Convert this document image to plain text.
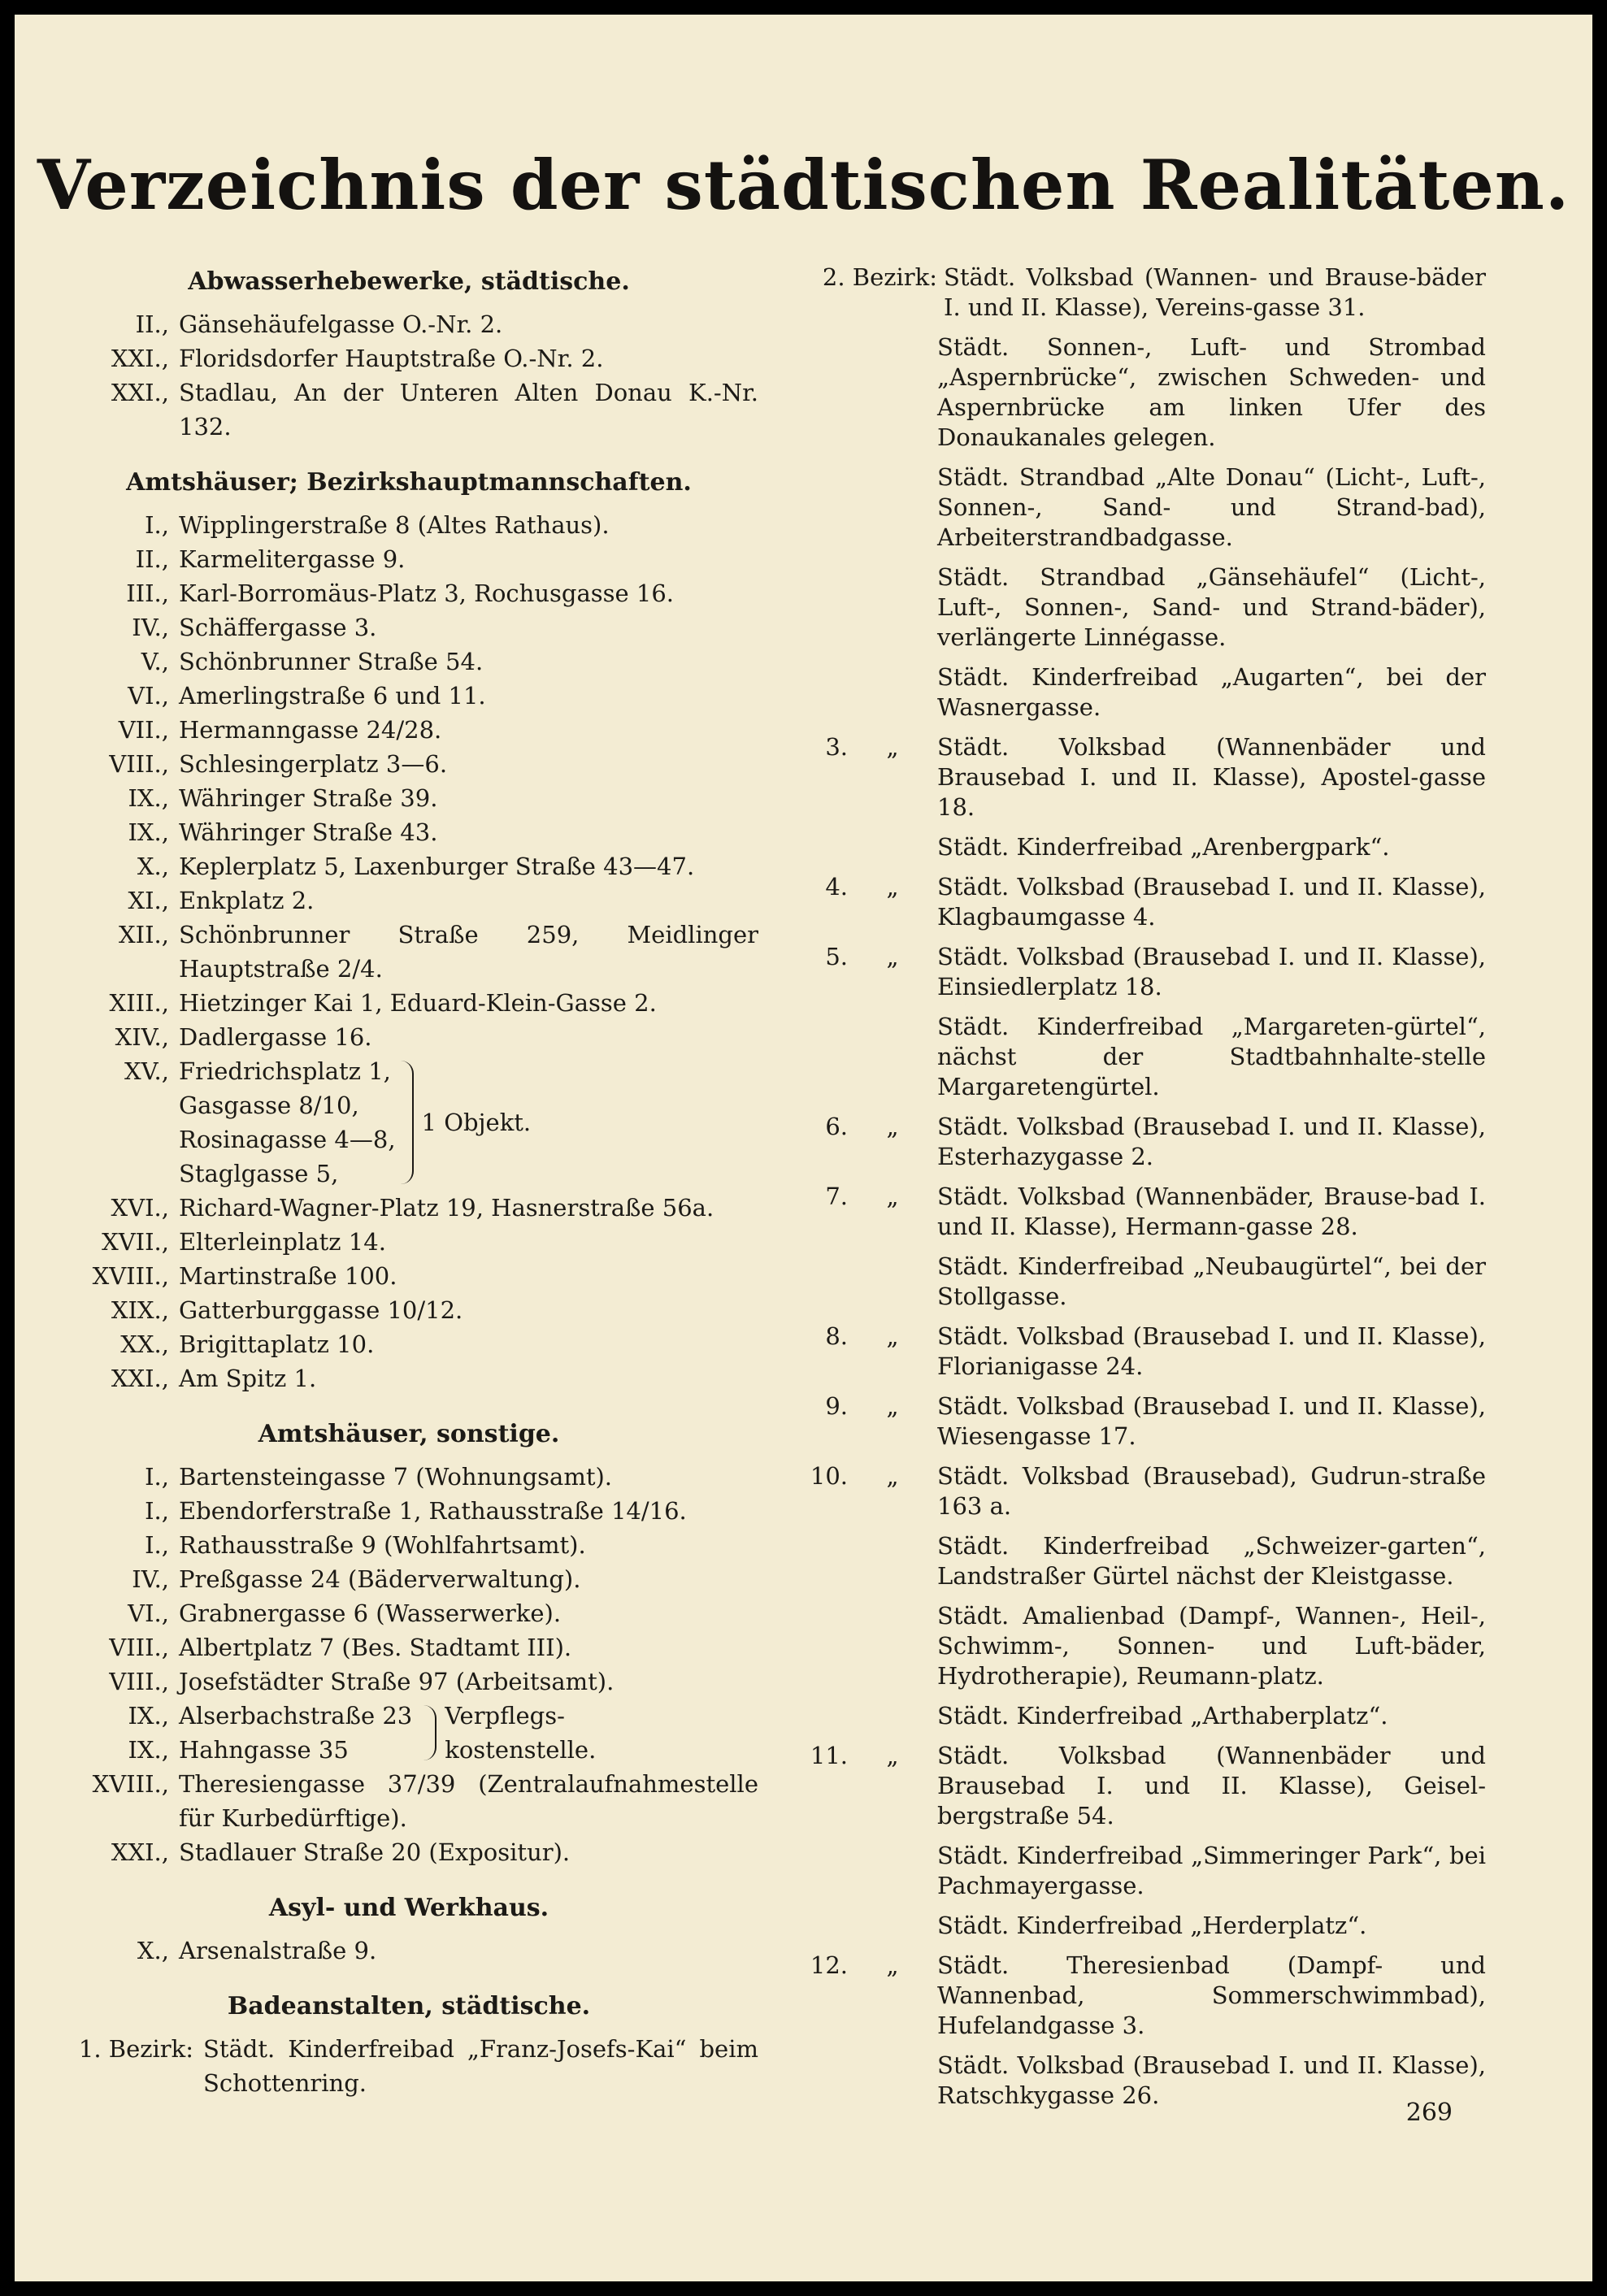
Verzeichnis der städtischen Realitäten.
Abwasserhebewerke, städtische.
II., Gänsehäufelgasse O.-Nr. 2.
XXI., Floridsdorfer Hauptstraße O.-Nr. 2.
XXI., Stadlau, An der Unteren Alten Donau K.-Nr. 132.
Amtshäuser; Bezirkshauptmannschaften.
I., Wipplingerstraße 8 (Altes Rathaus).
II., Karmelitergasse 9.
III., Karl-Borromäus-Platz 3, Rochusgasse 16.
IV., Schäffergasse 3.
V., Schönbrunner Straße 54.
VI., Amerlingstraße 6 und 11.
VII., Hermanngasse 24/28.
VIII., Schlesingerplatz 3—6.
IX., Währinger Straße 39.
IX., Währinger Straße 43.
X., Keplerplatz 5, Laxenburger Straße 43—47.
XI., Enkplatz 2.
XII., Schönbrunner Straße 259, Meidlinger Hauptstraße 2/4.
XIII., Hietzinger Kai 1, Eduard-Klein-Gasse 2.
XIV., Dadlergasse 16.
XV., Friedrichsplatz 1,
Gasgasse 8/10,
Rosinagasse 4—8,
Staglgasse 5,
1 Objekt.
XVI., Richard-Wagner-Platz 19, Hasnerstraße 56a.
XVII., Elterleinplatz 14.
XVIII., Martinstraße 100.
XIX., Gatterburggasse 10/12.
XX., Brigittaplatz 10.
XXI., Am Spitz 1.
Amtshäuser, sonstige.
I., Bartensteingasse 7 (Wohnungsamt).
I., Ebendorferstraße 1, Rathausstraße 14/16.
I., Rathausstraße 9 (Wohlfahrtsamt).
IV., Preßgasse 24 (Bäderverwaltung).
VI., Grabnergasse 6 (Wasserwerke).
VIII., Albertplatz 7 (Bes. Stadtamt III).
VIII., Josefstädter Straße 97 (Arbeitsamt).
IX., Alserbachstraße 23
IX., Hahngasse 35
Verpflegs-
kostenstelle.
XVIII., Theresiengasse 37/39 (Zentralaufnahmestelle für Kurbedürftige).
XXI., Stadlauer Straße 20 (Expositur).
Asyl- und Werkhaus.
X., Arsenalstraße 9.
Badeanstalten, städtische.
1. Bezirk: Städt. Kinderfreibad „Franz-Josefs-Kai“ beim Schottenring.
2. Bezirk: Städt. Volksbad (Wannen- und Brause-bäder I. und II. Klasse), Vereins-gasse 31.
Städt. Sonnen-, Luft- und Strombad „Aspernbrücke“, zwischen Schweden- und Aspernbrücke am linken Ufer des Donaukanales gelegen.
Städt. Strandbad „Alte Donau“ (Licht-, Luft-, Sonnen-, Sand- und Strand-bad), Arbeiterstrandbadgasse.
Städt. Strandbad „Gänsehäufel“ (Licht-, Luft-, Sonnen-, Sand- und Strand-bäder), verlängerte Linnégasse.
Städt. Kinderfreibad „Augarten“, bei der Wasnergasse.
3.	„	Städt. Volksbad (Wannenbäder und Brausebad I. und II. Klasse), Apostel-gasse 18.
Städt. Kinderfreibad „Arenbergpark“.
4.	„	Städt. Volksbad (Brausebad I. und II. Klasse), Klagbaumgasse 4.
5.	„	Städt. Volksbad (Brausebad I. und II. Klasse), Einsiedlerplatz 18.
Städt. Kinderfreibad „Margareten-gürtel“, nächst der Stadtbahnhalte-stelle Margaretengürtel.
6.	„	Städt. Volksbad (Brausebad I. und II. Klasse), Esterhazygasse 2.
7.	„	Städt. Volksbad (Wannenbäder, Brause-bad I. und II. Klasse), Hermann-gasse 28.
Städt. Kinderfreibad „Neubaugürtel“, bei der Stollgasse.
8.	„	Städt. Volksbad (Brausebad I. und II. Klasse), Florianigasse 24.
9.	„	Städt. Volksbad (Brausebad I. und II. Klasse), Wiesengasse 17.
10.	„	Städt. Volksbad (Brausebad), Gudrun-straße 163 a.
Städt. Kinderfreibad „Schweizer-garten“, Landstraßer Gürtel nächst der Kleistgasse.
Städt. Amalienbad (Dampf-, Wannen-, Heil-, Schwimm-, Sonnen- und Luft-bäder, Hydrotherapie), Reumann-platz.
Städt. Kinderfreibad „Arthaberplatz“.
11.	„	Städt. Volksbad (Wannenbäder und Brausebad I. und II. Klasse), Geisel-bergstraße 54.
Städt. Kinderfreibad „Simmeringer Park“, bei Pachmayergasse.
Städt. Kinderfreibad „Herderplatz“.
12.	„	Städt. Theresienbad (Dampf- und Wannenbad, Sommerschwimmbad), Hufelandgasse 3.
Städt. Volksbad (Brausebad I. und II. Klasse), Ratschkygasse 26.
269
